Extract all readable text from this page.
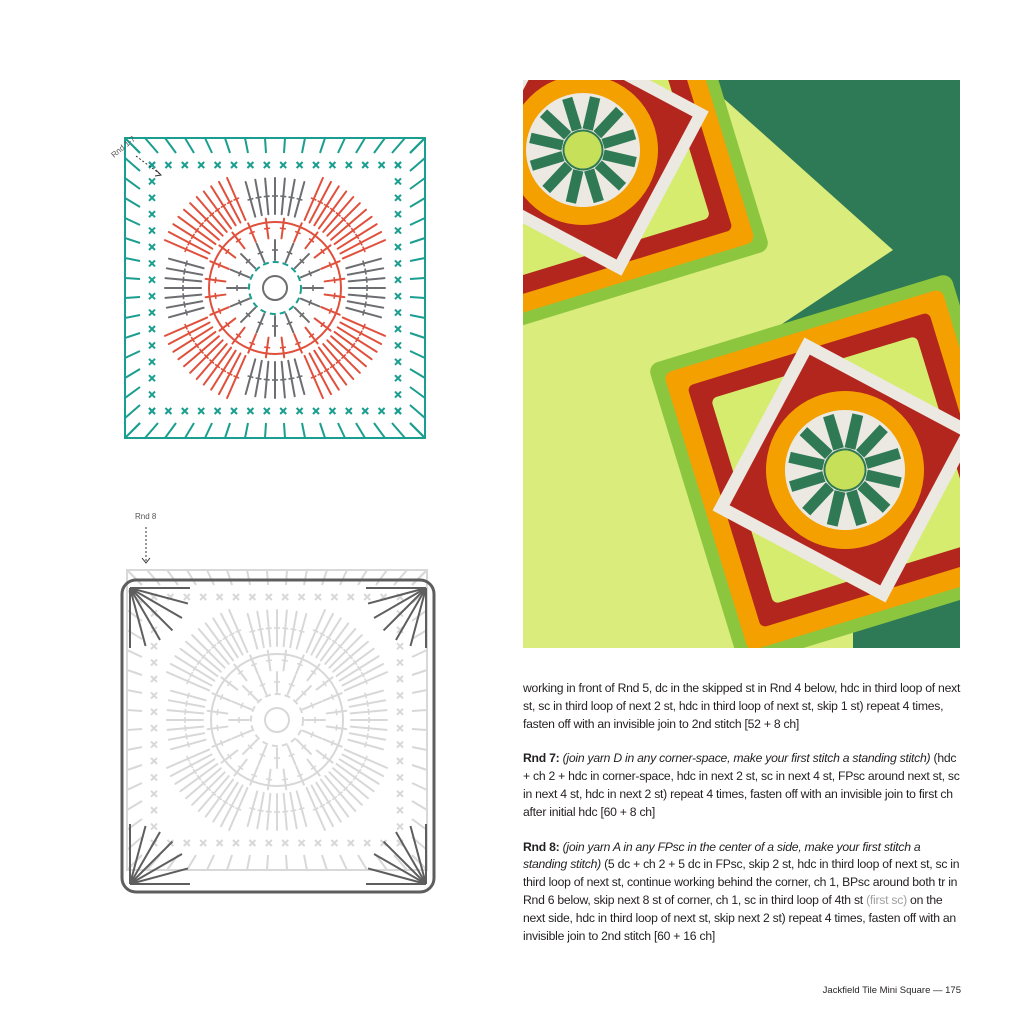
Rnd 1-7
Rnd 8

working in front of Rnd 5, dc in the skipped st in Rnd 4 below, hdc in third loop of next st, sc in third loop of next 2 st, hdc in third loop of next st, skip 1 st) repeat 4 times, fasten off with an invisible join to 2nd stitch [52 + 8 ch]

Rnd 7: (join yarn D in any corner-space, make your first stitch a standing stitch) (hdc + ch 2 + hdc in corner-space, hdc in next 2 st, sc in next 4 st, FPsc around next st, sc in next 4 st, hdc in next 2 st) repeat 4 times, fasten off with an invisible join to first ch after initial hdc [60 + 8 ch]

Rnd 8: (join yarn A in any FPsc in the center of a side, make your first stitch a standing stitch) (5 dc + ch 2 + 5 dc in FPsc, skip 2 st, hdc in third loop of next st, sc in third loop of next st, continue working behind the corner, ch 1, BPsc around both tr in Rnd 6 below, skip next 8 st of corner, ch 1, sc in third loop of 4th st (first sc) on the next side, hdc in third loop of next st, skip next 2 st) repeat 4 times, fasten off with an invisible join to 2nd stitch [60 + 16 ch]

Jackfield Tile Mini Square — 175
